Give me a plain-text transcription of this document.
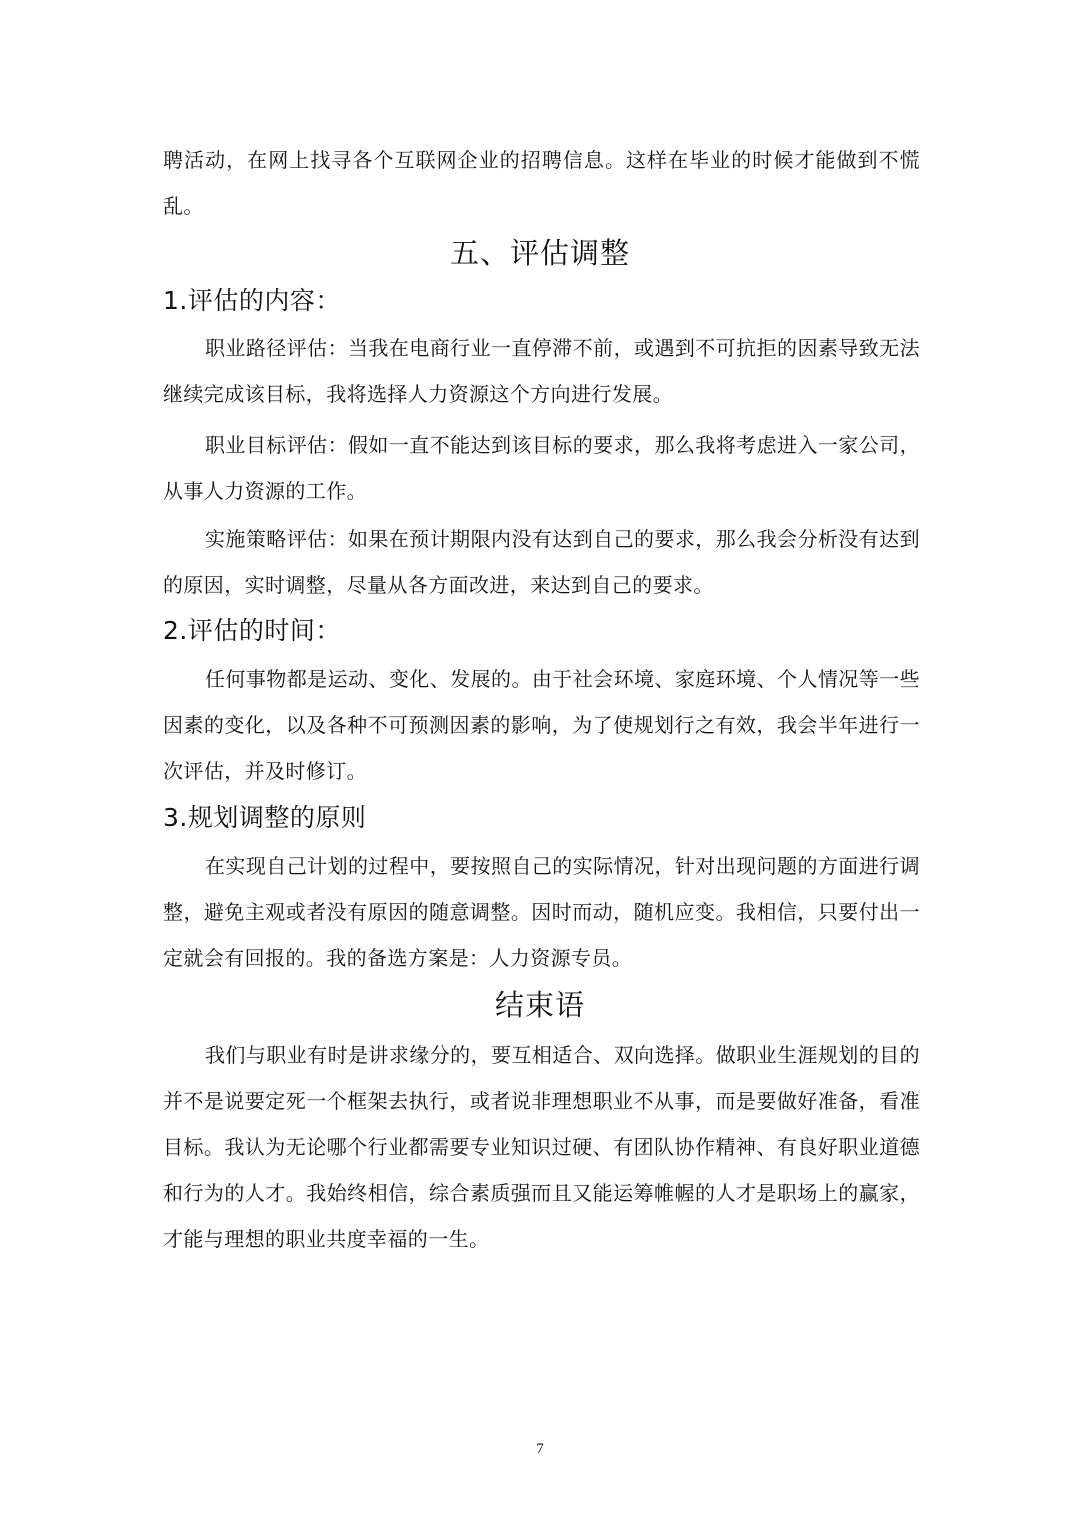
聘活动，在网上找寻各个互联网企业的招聘信息。这样在毕业的时候才能做到不慌乱。

五、评估调整
1.评估的内容：

职业路径评估：当我在电商行业一直停滞不前，或遇到不可抗拒的因素导致无法继续完成该目标，我将选择人力资源这个方向进行发展。

职业目标评估：假如一直不能达到该目标的要求，那么我将考虑进入一家公司，从事人力资源的工作。

实施策略评估：如果在预计期限内没有达到自己的要求，那么我会分析没有达到的原因，实时调整，尽量从各方面改进，来达到自己的要求。

2.评估的时间：

任何事物都是运动、变化、发展的。由于社会环境、家庭环境、个人情况等一些因素的变化，以及各种不可预测因素的影响，为了使规划行之有效，我会半年进行一次评估，并及时修订。

3.规划调整的原则

在实现自己计划的过程中，要按照自己的实际情况，针对出现问题的方面进行调整，避免主观或者没有原因的随意调整。因时而动，随机应变。我相信，只要付出一定就会有回报的。我的备选方案是：人力资源专员。

结束语

我们与职业有时是讲求缘分的，要互相适合、双向选择。做职业生涯规划的目的并不是说要定死一个框架去执行，或者说非理想职业不从事，而是要做好准备，看准目标。我认为无论哪个行业都需要专业知识过硬、有团队协作精神、有良好职业道德和行为的人才。我始终相信，综合素质强而且又能运筹帷幄的人才是职场上的赢家，才能与理想的职业共度幸福的一生。

7
